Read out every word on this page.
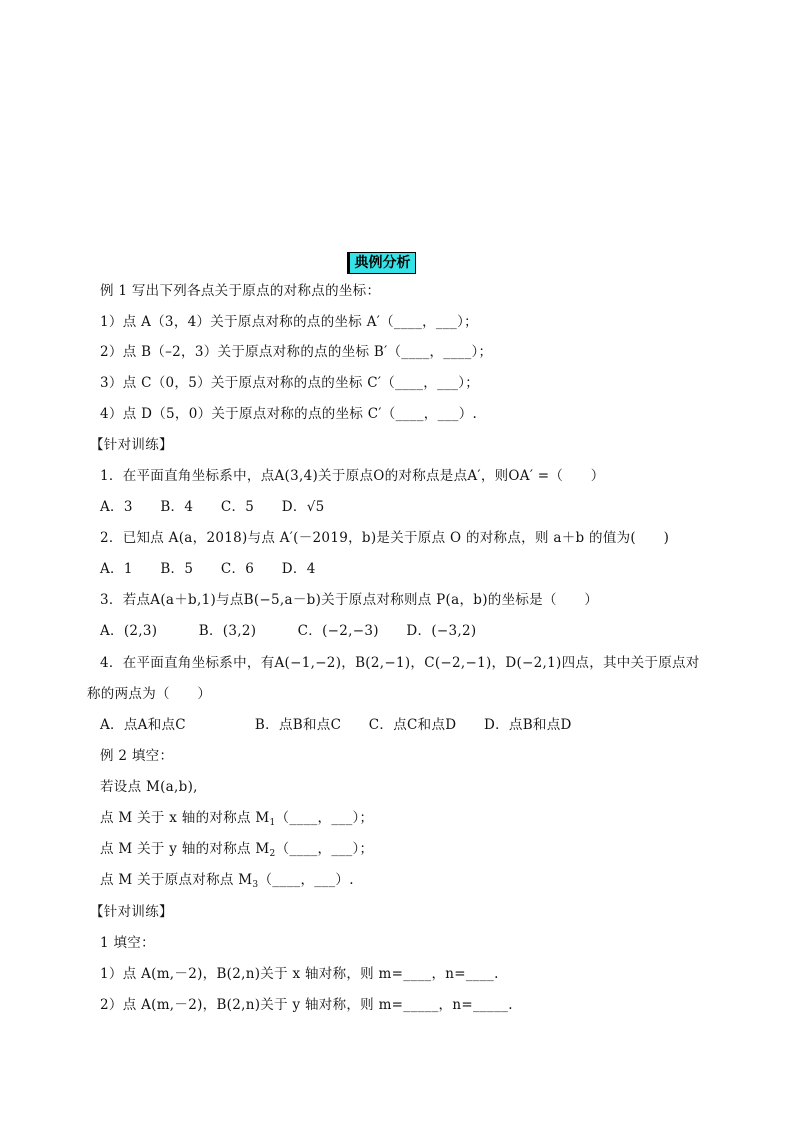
典例分析
例 1 写出下列各点关于原点的对称点的坐标：
1）点 A（3，4）关于原点对称的点的坐标 A′（____，___）；
2）点 B（–2，3）关于原点对称的点的坐标 B′（____，____）；
3）点 C（0，5）关于原点对称的点的坐标 C′（____，___）；
4）点 D（5，0）关于原点对称的点的坐标 C′（____，___）.
【针对训练】
1．在平面直角坐标系中，点A(3,4)关于原点O的对称点是点A′，则OA′ =（　　）
A．3　　B．4　　C．5　　D．√5
2．已知点 A(a，2018)与点 A′(－2019，b)是关于原点 O 的对称点，则 a＋b 的值为(　　)
A．1　　B．5　　C．6　　D．4
3．若点A(a＋b,1)与点B(−5,a－b)关于原点对称则点 P(a，b)的坐标是（　　）
A．(2,3)　　　B．(3,2)　　　C．(−2,−3)　　D．(−3,2)
4．在平面直角坐标系中，有A(−1,−2)，B(2,−1)，C(−2,−1)，D(−2,1)四点，其中关于原点对
称的两点为（　　）
A．点A和点C　　　　　B．点B和点C　　C．点C和点D　　D．点B和点D
例 2 填空：
若设点 M(a,b),
点 M 关于 x 轴的对称点 $M_1(\_\_\_\_$，___）；
点 M 关于 y 轴的对称点 $M_2(\_\_\_\_$，___）；
点 M 关于原点对称点 $M_3(\_\_\_\_$，___）.
【针对训练】
1 填空：
1）点 A(m,－2)，B(2,n)关于 x 轴对称，则 m=____，n=____.
2）点 A(m,－2)，B(2,n)关于 y 轴对称，则 m=_____，n=_____.
